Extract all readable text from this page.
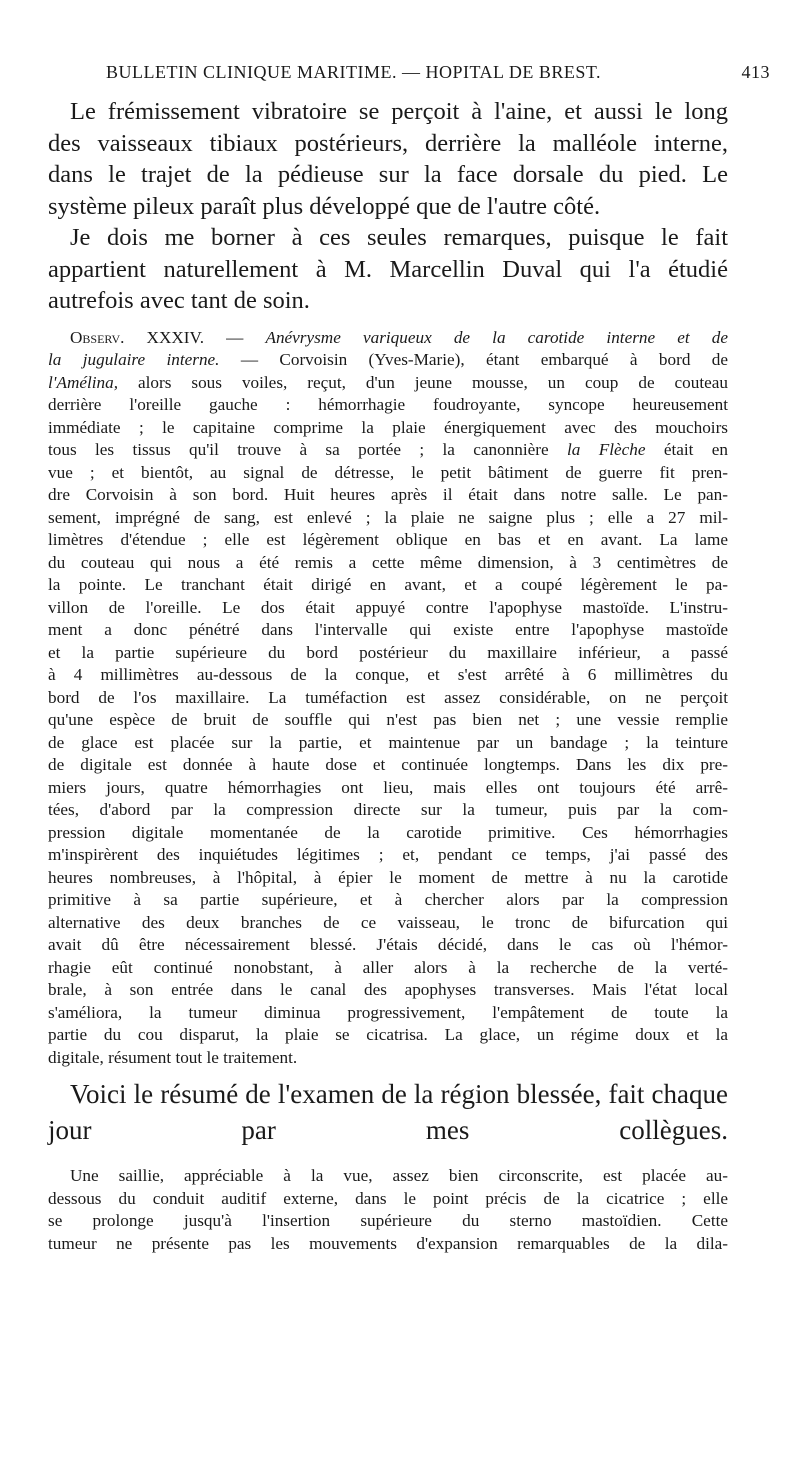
BULLETIN CLINIQUE MARITIME. — HOPITAL DE BREST.	413
Le frémissement vibratoire se perçoit à l'aine, et aussi le long
des vaisseaux tibiaux postérieurs, derrière la malléole interne,
dans le trajet de la pédieuse sur la face dorsale du pied. Le
système pileux paraît plus développé que de l'autre côté.
Je dois me borner à ces seules remarques, puisque le fait
appartient naturellement à M. Marcellin Duval qui l'a étudié
autrefois avec tant de soin.
Observ. XXXIV. — Anévrysme variqueux de la carotide interne et de
la jugulaire interne. — Corvoisin (Yves-Marie), étant embarqué à bord de
l'Amélina, alors sous voiles, reçut, d'un jeune mousse, un coup de couteau
derrière l'oreille gauche : hémorrhagie foudroyante, syncope heureusement
immédiate ; le capitaine comprime la plaie énergiquement avec des mouchoirs
tous les tissus qu'il trouve à sa portée ; la canonnière la Flèche était en
vue ; et bientôt, au signal de détresse, le petit bâtiment de guerre fit pren-
dre Corvoisin à son bord. Huit heures après il était dans notre salle. Le pan-
sement, imprégné de sang, est enlevé ; la plaie ne saigne plus ; elle a 27 mil-
limètres d'étendue ; elle est légèrement oblique en bas et en avant. La lame
du couteau qui nous a été remis a cette même dimension, à 3 centimètres de
la pointe. Le tranchant était dirigé en avant, et a coupé légèrement le pa-
villon de l'oreille. Le dos était appuyé contre l'apophyse mastoïde. L'instru-
ment a donc pénétré dans l'intervalle qui existe entre l'apophyse mastoïde
et la partie supérieure du bord postérieur du maxillaire inférieur, a passé
à 4 millimètres au-dessous de la conque, et s'est arrêté à 6 millimètres du
bord de l'os maxillaire. La tuméfaction est assez considérable, on ne perçoit
qu'une espèce de bruit de souffle qui n'est pas bien net ; une vessie remplie
de glace est placée sur la partie, et maintenue par un bandage ; la teinture
de digitale est donnée à haute dose et continuée longtemps. Dans les dix pre-
miers jours, quatre hémorrhagies ont lieu, mais elles ont toujours été arrê-
tées, d'abord par la compression directe sur la tumeur, puis par la com-
pression digitale momentanée de la carotide primitive. Ces hémorrhagies
m'inspirèrent des inquiétudes légitimes ; et, pendant ce temps, j'ai passé des
heures nombreuses, à l'hôpital, à épier le moment de mettre à nu la carotide
primitive à sa partie supérieure, et à chercher alors par la compression
alternative des deux branches de ce vaisseau, le tronc de bifurcation qui
avait dû être nécessairement blessé. J'étais décidé, dans le cas où l'hémor-
rhagie eût continué nonobstant, à aller alors à la recherche de la verté-
brale, à son entrée dans le canal des apophyses transverses. Mais l'état local
s'améliora, la tumeur diminua progressivement, l'empâtement de toute la
partie du cou disparut, la plaie se cicatrisa. La glace, un régime doux et la
digitale, résument tout le traitement.
Voici le résumé de l'examen de la région blessée, fait chaque
jour par mes collègues.
Une saillie, appréciable à la vue, assez bien circonscrite, est placée au-
dessous du conduit auditif externe, dans le point précis de la cicatrice ; elle
se prolonge jusqu'à l'insertion supérieure du sterno mastoïdien. Cette
tumeur ne présente pas les mouvements d'expansion remarquables de la dila-
